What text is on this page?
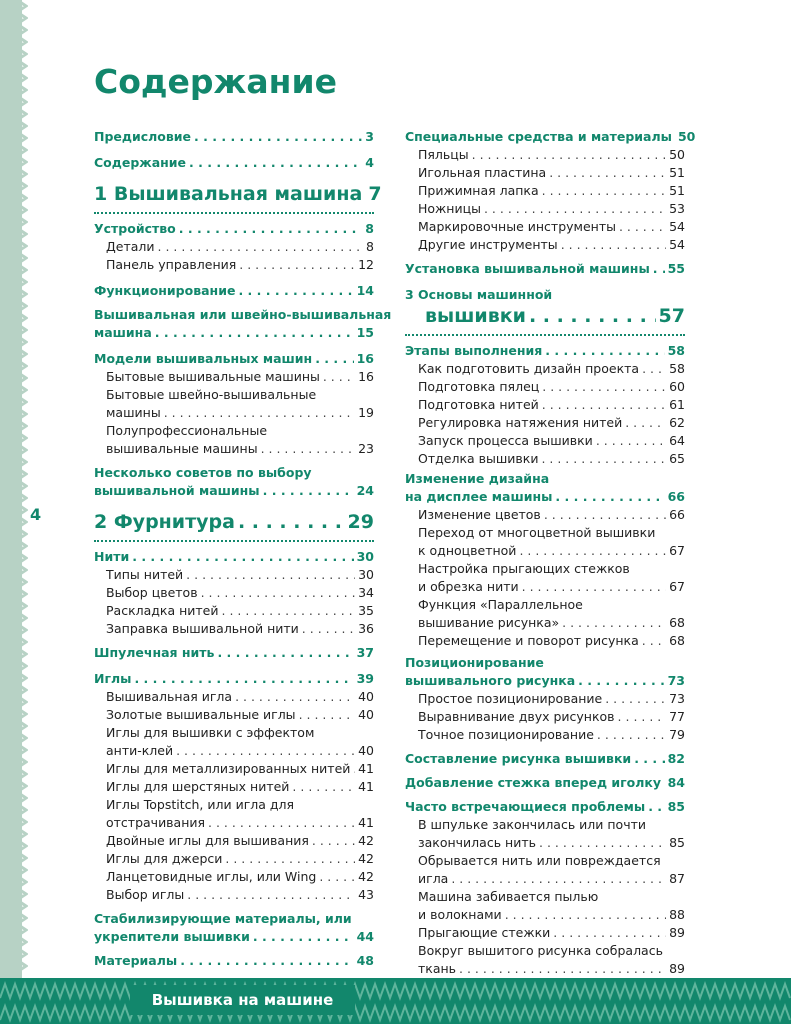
Содержание
4
Предисловие . . .	3
Содержание . . .	4
1 Вышивальная машина 7
Устройство . . .	8
Детали . . .	8
Панель управления . . .	12
Функционирование . . .	14
Вышивальная или швейно-вышивальная
машина . . .	15
Модели вышивальных машин . . .	16
Бытовые вышивальные машины . . .	16
Бытовые швейно-вышивальные
машины . . .	19
Полупрофессиональные
вышивальные машины . . .	23
Несколько советов по выбору
вышивальной машины . . .	24
2 Фурнитура . . .	29
Нити . . .	30
Типы нитей . . .	30
Выбор цветов . . .	34
Раскладка нитей . . .	35
Заправка вышивальной нити . . .	36
Шпулечная нить . . .	37
Иглы . . .	39
Вышивальная игла . . .	40
Золотые вышивальные иглы . . .	40
Иглы для вышивки с эффектом
анти-клей . . .	40
Иглы для металлизированных нитей . . . 41
Иглы для шерстяных нитей . . .	41
Иглы Topstitch, или игла для
отстрачивания . . .	41
Двойные иглы для вышивания . . .	42
Иглы для джерси . . .	42
Ланцетовидные иглы, или Wing . . .	42
Выбор иглы . . .	43
Стабилизирующие материалы, или
укрепители вышивки . . .	44
Материалы . . .	48
Специальные средства и материалы 50
Пяльцы . . .	50
Игольная пластина . . .	51
Прижимная лапка . . .	51
Ножницы . . .	53
Маркировочные инструменты . . .	54
Другие инструменты . . .	54
Установка вышивальной машины . . . 55
3 Основы машинной
вышивки . . .	57
Этапы выполнения . . .	58
Как подготовить дизайн проекта . . . 58
Подготовка пялец . . .	60
Подготовка нитей . . .	61
Регулировка натяжения нитей . . .	62
Запуск процесса вышивки . . .	64
Отделка вышивки . . .	65
Изменение дизайна
на дисплее машины . . .	66
Изменение цветов . . .	66
Переход от многоцветной вышивки
к одноцветной . . .	67
Настройка прыгающих стежков
и обрезка нити . . .	67
Функция «Параллельное
вышивание рисунка» . . .	68
Перемещение и поворот рисунка . . . 68
Позиционирование
вышивального рисунка . . .	73
Простое позиционирование . . .	73
Выравнивание двух рисунков . . .	77
Точное позиционирование . . .	79
Составление рисунка вышивки . . .	82
Добавление стежка вперед иголку . . . 84
Часто встречающиеся проблемы . . . 85
В шпульке закончилась или почти
закончилась нить . . .	85
Обрывается нить или повреждается
игла . . .	87
Машина забивается пылью
и волокнами . . .	88
Прыгающие стежки . . .	89
Вокруг вышитого рисунка собралась
ткань . . .	89
Вышивка на машине
